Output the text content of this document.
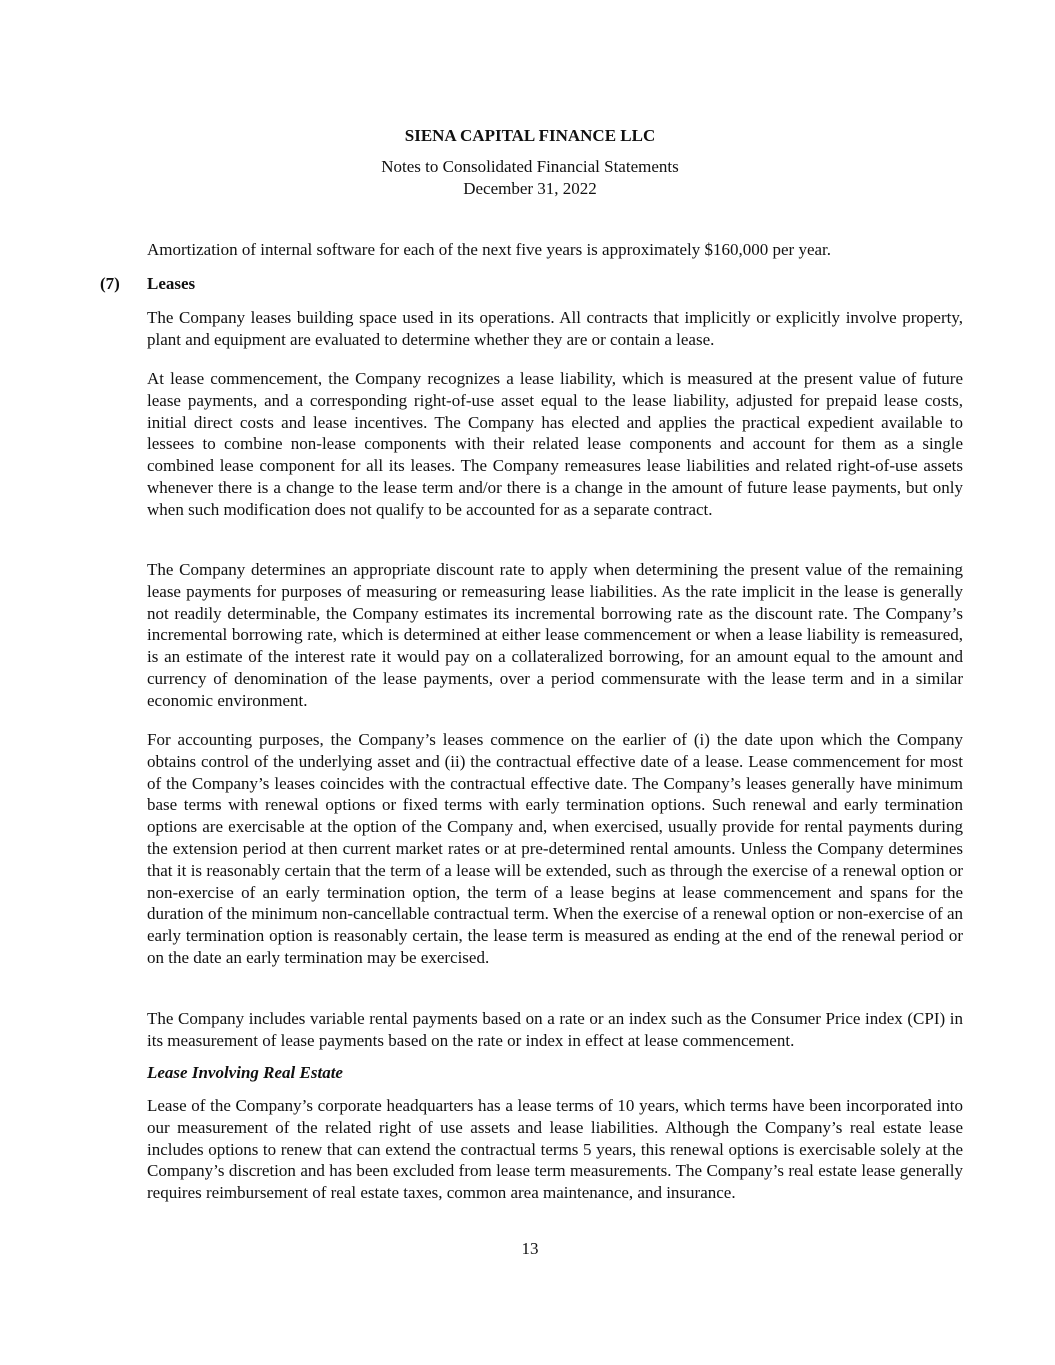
SIENA CAPITAL FINANCE LLC
Notes to Consolidated Financial Statements
December 31, 2022

Amortization of internal software for each of the next five years is approximately $160,000 per year.

(7) Leases

The Company leases building space used in its operations. All contracts that implicitly or explicitly involve property, plant and equipment are evaluated to determine whether they are or contain a lease.

At lease commencement, the Company recognizes a lease liability, which is measured at the present value of future lease payments, and a corresponding right-of-use asset equal to the lease liability, adjusted for prepaid lease costs, initial direct costs and lease incentives. The Company has elected and applies the practical expedient available to lessees to combine non-lease components with their related lease components and account for them as a single combined lease component for all its leases. The Company remeasures lease liabilities and related right-of-use assets whenever there is a change to the lease term and/or there is a change in the amount of future lease payments, but only when such modification does not qualify to be accounted for as a separate contract.

The Company determines an appropriate discount rate to apply when determining the present value of the remaining lease payments for purposes of measuring or remeasuring lease liabilities. As the rate implicit in the lease is generally not readily determinable, the Company estimates its incremental borrowing rate as the discount rate. The Company’s incremental borrowing rate, which is determined at either lease commencement or when a lease liability is remeasured, is an estimate of the interest rate it would pay on a collateralized borrowing, for an amount equal to the amount and currency of denomination of the lease payments, over a period commensurate with the lease term and in a similar economic environment.

For accounting purposes, the Company’s leases commence on the earlier of (i) the date upon which the Company obtains control of the underlying asset and (ii) the contractual effective date of a lease. Lease commencement for most of the Company’s leases coincides with the contractual effective date. The Company’s leases generally have minimum base terms with renewal options or fixed terms with early termination options. Such renewal and early termination options are exercisable at the option of the Company and, when exercised, usually provide for rental payments during the extension period at then current market rates or at pre-determined rental amounts. Unless the Company determines that it is reasonably certain that the term of a lease will be extended, such as through the exercise of a renewal option or non-exercise of an early termination option, the term of a lease begins at lease commencement and spans for the duration of the minimum non-cancellable contractual term. When the exercise of a renewal option or non-exercise of an early termination option is reasonably certain, the lease term is measured as ending at the end of the renewal period or on the date an early termination may be exercised.

The Company includes variable rental payments based on a rate or an index such as the Consumer Price index (CPI) in its measurement of lease payments based on the rate or index in effect at lease commencement.

Lease Involving Real Estate

Lease of the Company’s corporate headquarters has a lease terms of 10 years, which terms have been incorporated into our measurement of the related right of use assets and lease liabilities. Although the Company’s real estate lease includes options to renew that can extend the contractual terms 5 years, this renewal options is exercisable solely at the Company’s discretion and has been excluded from lease term measurements. The Company’s real estate lease generally requires reimbursement of real estate taxes, common area maintenance, and insurance.

13
